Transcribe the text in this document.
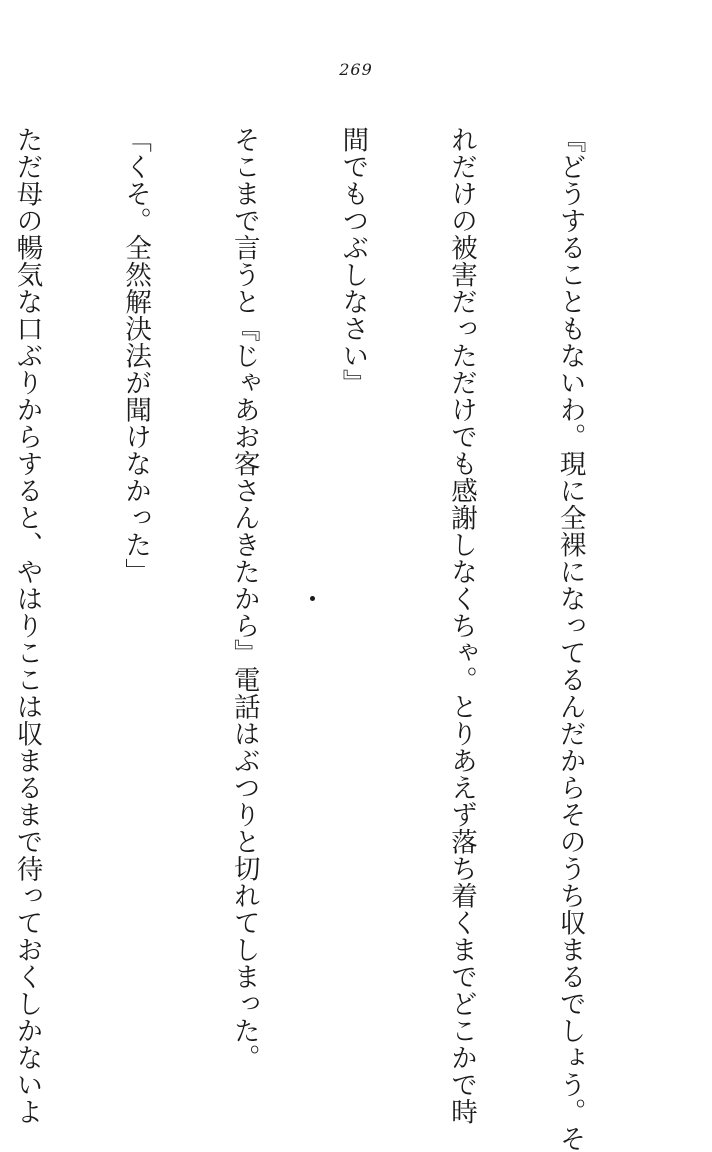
269

『どうすることもないわ。現に全裸になってるんだからそのうち収まるでしょう。そ

れだけの被害だっただけでも感謝しなくちゃ。とりあえず落ち着くまでどこかで時

間でもつぶしなさい』

そこまで言うと『じゃあお客さんきたから』電話はぶつりと切れてしまった。

「くそ。全然解決法が聞けなかった」

ただ母の暢気な口ぶりからすると、やはりここは収まるまで待っておくしかないよ
